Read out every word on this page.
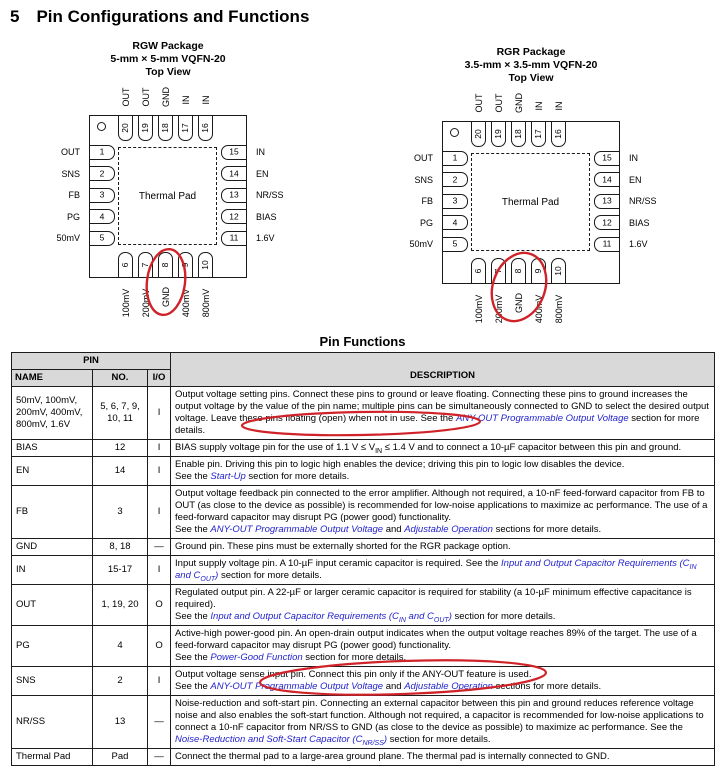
5 Pin Configurations and Functions
RGW Package
5-mm × 5-mm VQFN-20
Top View
Thermal Pad
20
OUT
19
OUT
18
GND
17
IN
16
IN
6
100mV
7
200mV
8
GND
9
400mV
10
800mV
1
OUT
2
SNS
3
FB
4
PG
5
50mV
15 IN
14 EN
13 NR/SS
12 BIAS
11 1.6V
RGR Package
3.5-mm × 3.5-mm VQFN-20
Top View
Thermal Pad
20
OUT
19
OUT
18
GND
17
IN
16
IN
6
100mV
7
200mV
8
GND
9
400mV
10
800mV
1
OUT
2
SNS
3
FB
4
PG
5
50mV
15 IN
14 EN
13 NR/SS
12 BIAS
11 1.6V
Pin Functions
PIN			DESCRIPTION
NAME	NO.	I/O	
50mV, 100mV, 200mV, 400mV, 800mV, 1.6V	5, 6, 7, 9, 10, 11	I	Output voltage setting pins. Connect these pins to ground or leave floating. Connecting these pins to ground increases the output voltage by the value of the pin name; multiple pins can be simultaneously connected to GND to select the desired output voltage. Leave these pins floating (open) when not in use. See the ANY-OUT Programmable Output Voltage section for more details.

BIAS	12	I	BIAS supply voltage pin for the use of 1.1 $V \le V_{IN} \le 1.4$ V and to connect a 10-µF capacitor between this pin and ground.
EN	14	I	Enable pin. Driving this pin to logic high enables the device; driving this pin to logic low disables the device.
See the Start-Up section for more details.
FB	3	I	Output voltage feedback pin connected to the error amplifier. Although not required, a 10-nF feed-forward capacitor from FB to OUT (as close to the device as possible) is recommended for low-noise applications to maximize ac performance. The use of a feed-forward capacitor may disrupt PG (power good) functionality.
See the ANY-OUT Programmable Output Voltage and Adjustable Operation sections for more details.
GND	8, 18	—	Ground pin. These pins must be externally shorted for the RGR package option.
IN	15-17	I	Input supply voltage pin. A 10-µF input ceramic capacitor is required. See the Input and Output Capacitor Requirements ($C_{IN}$ and $C_{OUT}$) section for more details.
OUT	1, 19, 20	O	Regulated output pin. A 22-µF or larger ceramic capacitor is required for stability (a 10-µF minimum effective capacitance is required).
See the Input and Output Capacitor Requirements ($C_{IN}$ and $C_{OUT}$) section for more details.
PG	4	O	Active-high power-good pin. An open-drain output indicates when the output voltage reaches 89% of the target. The use of a feed-forward capacitor may disrupt PG (power good) functionality.
See the Power-Good Function section for more details.
SNS	2	I	Output voltage sense input pin. Connect this pin only if the ANY-OUT feature is used.
See the ANY-OUT Programmable Output Voltage and Adjustable Operation sections for more details.

NR/SS	13	—	Noise-reduction and soft-start pin. Connecting an external capacitor between this pin and ground reduces reference voltage noise and also enables the soft-start function. Although not required, a capacitor is recommended for low-noise applications to connect a 10-nF capacitor from NR/SS to GND (as close to the device as possible) to maximize ac performance. See the Noise-Reduction and Soft-Start Capacitor $(C_{NR/SS})$ section for more details.
Thermal Pad	Pad	—	Connect the thermal pad to a large-area ground plane. The thermal pad is internally connected to GND.
